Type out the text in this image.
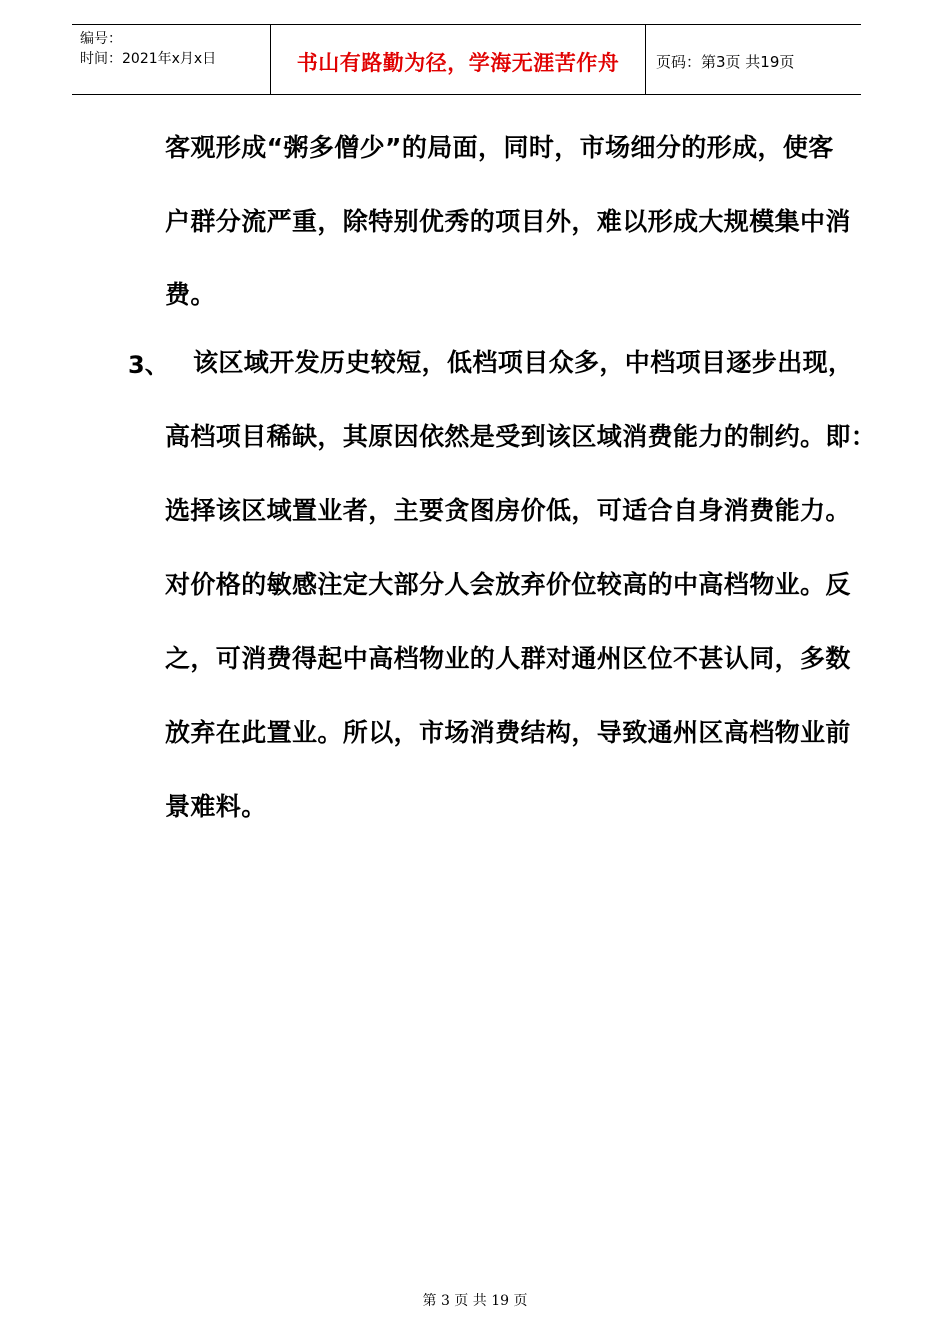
编号：
时间：2021年x月x日	书山有路勤为径，学海无涯苦作舟	页码：第3页 共19页
客观形成“粥多僧少”的局面，同时，市场细分的形成，使客
户群分流严重，除特别优秀的项目外，难以形成大规模集中消
费。
3、 该区域开发历史较短，低档项目众多，中档项目逐步出现，
高档项目稀缺，其原因依然是受到该区域消费能力的制约。即：
选择该区域置业者，主要贪图房价低，可适合自身消费能力。
对价格的敏感注定大部分人会放弃价位较高的中高档物业。反
之，可消费得起中高档物业的人群对通州区位不甚认同，多数
放弃在此置业。所以，市场消费结构，导致通州区高档物业前
景难料。
第 3 页 共 19 页
